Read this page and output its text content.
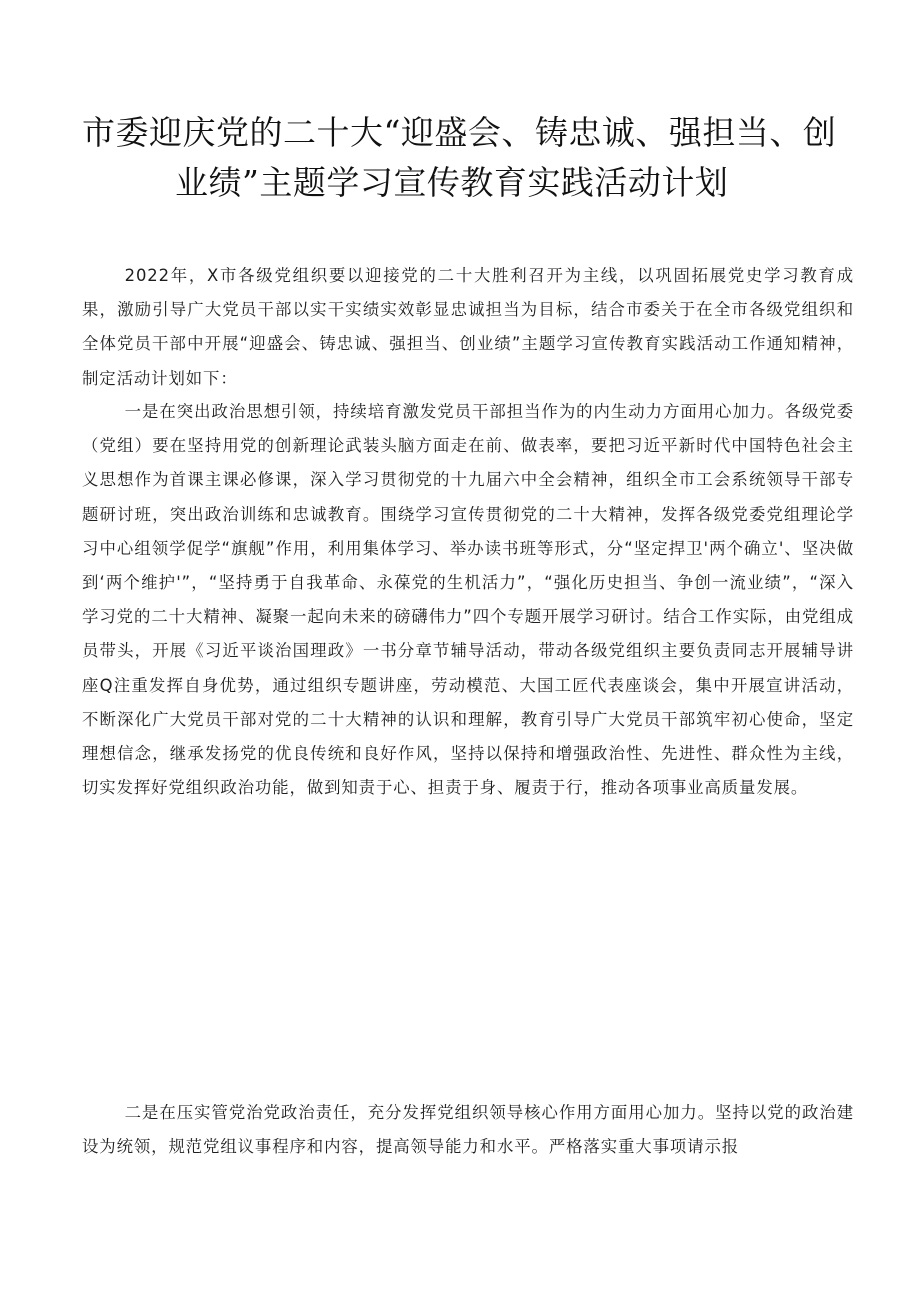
市委迎庆党的二十大“迎盛会、铸忠诚、强担当、创
业绩”主题学习宣传教育实践活动计划

2022年，X市各级党组织要以迎接党的二十大胜利召开为主线，以巩固拓展党史学习教育成果，激励引导广大党员干部以实干实绩实效彰显忠诚担当为目标，结合市委关于在全市各级党组织和全体党员干部中开展“迎盛会、铸忠诚、强担当、创业绩”主题学习宣传教育实践活动工作通知精神，制定活动计划如下：

一是在突出政治思想引领，持续培育激发党员干部担当作为的内生动力方面用心加力。各级党委（党组）要在坚持用党的创新理论武装头脑方面走在前、做表率，要把习近平新时代中国特色社会主义思想作为首课主课必修课，深入学习贯彻党的十九届六中全会精神，组织全市工会系统领导干部专题研讨班，突出政治训练和忠诚教育。围绕学习宣传贯彻党的二十大精神，发挥各级党委党组理论学习中心组领学促学“旗舰”作用，利用集体学习、举办读书班等形式，分“坚定捍卫'两个确立'、坚决做到‘两个维护'”，“坚持勇于自我革命、永葆党的生机活力”，“强化历史担当、争创一流业绩”，“深入学习党的二十大精神、凝聚一起向未来的磅礴伟力”四个专题开展学习研讨。结合工作实际，由党组成员带头，开展《习近平谈治国理政》一书分章节辅导活动，带动各级党组织主要负责同志开展辅导讲座Q注重发挥自身优势，通过组织专题讲座，劳动模范、大国工匠代表座谈会，集中开展宣讲活动，不断深化广大党员干部对党的二十大精神的认识和理解，教育引导广大党员干部筑牢初心使命，坚定理想信念，继承发扬党的优良传统和良好作风，坚持以保持和增强政治性、先进性、群众性为主线，切实发挥好党组织政治功能，做到知责于心、担责于身、履责于行，推动各项事业高质量发展。

二是在压实管党治党政治责任，充分发挥党组织领导核心作用方面用心加力。坚持以党的政治建设为统领，规范党组议事程序和内容，提高领导能力和水平。严格落实重大事项请示报
